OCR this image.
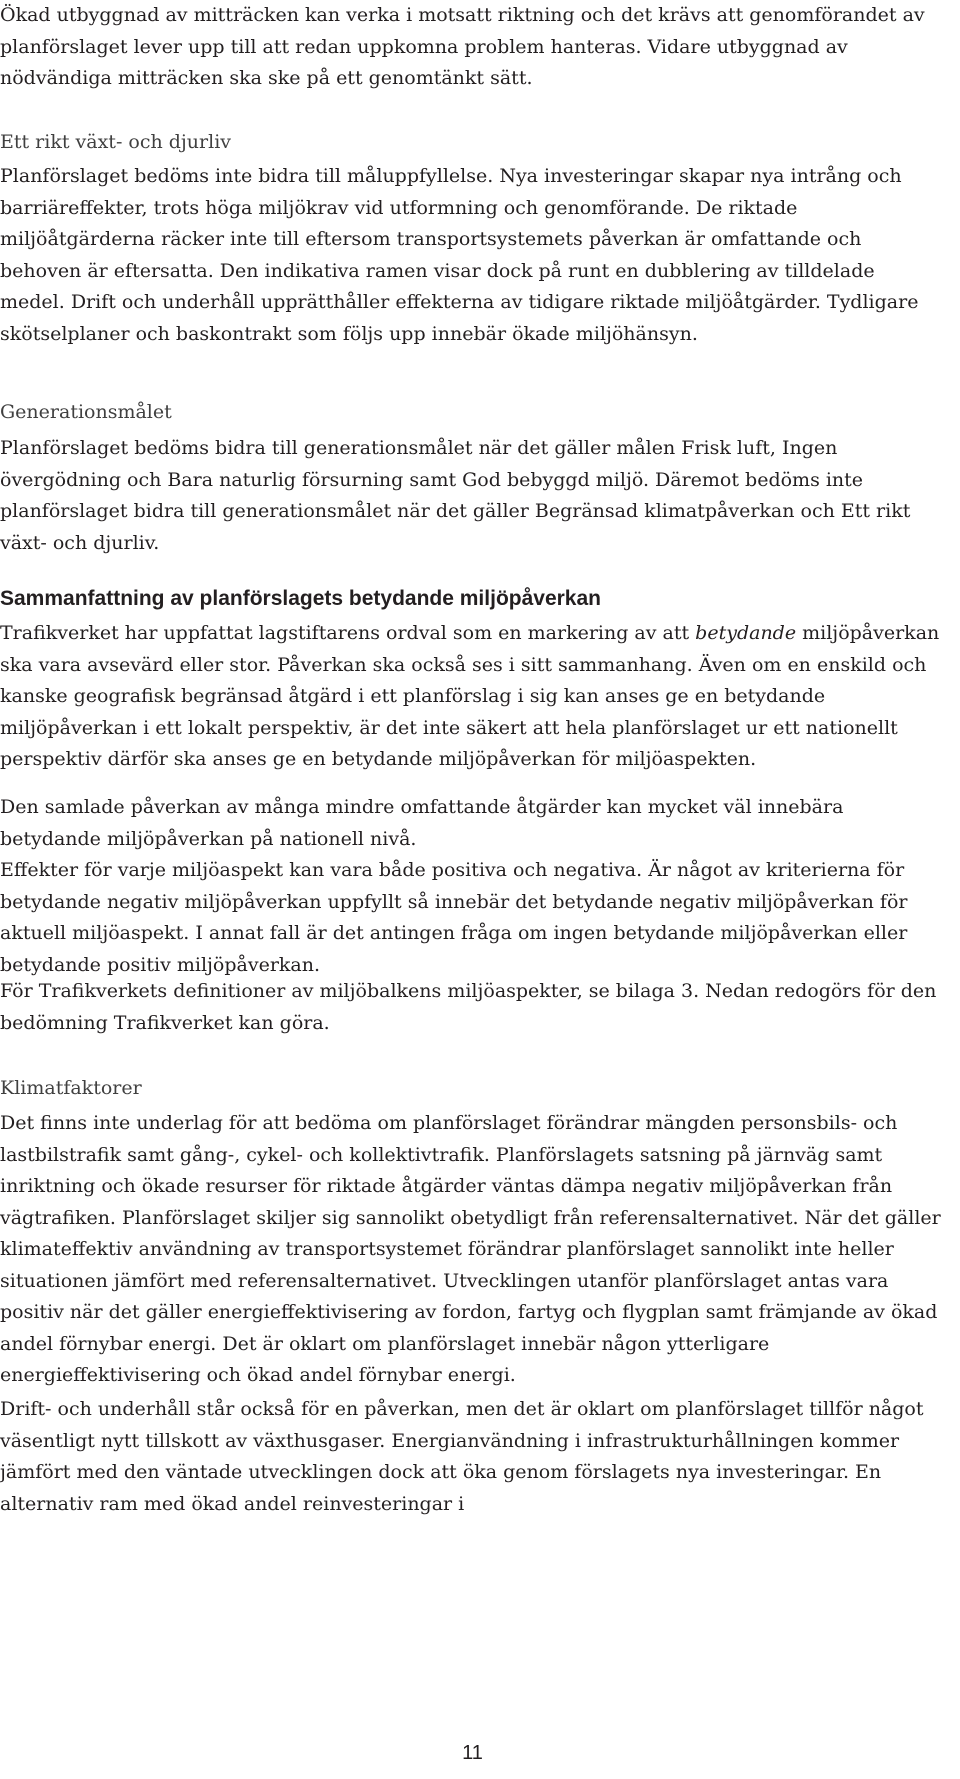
Ökad utbyggnad av mitträcken kan verka i motsatt riktning och det krävs att genomförandet av planförslaget lever upp till att redan uppkomna problem hanteras. Vidare utbyggnad av nödvändiga mitträcken ska ske på ett genomtänkt sätt.

Ett rikt växt- och djurliv

Planförslaget bedöms inte bidra till måluppfyllelse. Nya investeringar skapar nya intrång och barriäreffekter, trots höga miljökrav vid utformning och genomförande. De riktade miljöåtgärderna räcker inte till eftersom transportsystemets påverkan är omfattande och behoven är eftersatta. Den indikativa ramen visar dock på runt en dubblering av tilldelade medel. Drift och underhåll upprätthåller effekterna av tidigare riktade miljöåtgärder. Tydligare skötselplaner och baskontrakt som följs upp innebär ökade miljöhänsyn.

Generationsmålet

Planförslaget bedöms bidra till generationsmålet när det gäller målen Frisk luft, Ingen övergödning och Bara naturlig försurning samt God bebyggd miljö. Däremot bedöms inte planförslaget bidra till generationsmålet när det gäller Begränsad klimatpåverkan och Ett rikt växt- och djurliv.

Sammanfattning av planförslagets betydande miljöpåverkan

Trafikverket har uppfattat lagstiftarens ordval som en markering av att betydande miljöpåverkan ska vara avsevärd eller stor. Påverkan ska också ses i sitt sammanhang. Även om en enskild och kanske geografisk begränsad åtgärd i ett planförslag i sig kan anses ge en betydande miljöpåverkan i ett lokalt perspektiv, är det inte säkert att hela planförslaget ur ett nationellt perspektiv därför ska anses ge en betydande miljöpåverkan för miljöaspekten.

Den samlade påverkan av många mindre omfattande åtgärder kan mycket väl innebära betydande miljöpåverkan på nationell nivå.

Effekter för varje miljöaspekt kan vara både positiva och negativa. Är något av kriterierna för betydande negativ miljöpåverkan uppfyllt så innebär det betydande negativ miljöpåverkan för aktuell miljöaspekt. I annat fall är det antingen fråga om ingen betydande miljöpåverkan eller betydande positiv miljöpåverkan.

För Trafikverkets definitioner av miljöbalkens miljöaspekter, se bilaga 3. Nedan redogörs för den bedömning Trafikverket kan göra.

Klimatfaktorer

Det finns inte underlag för att bedöma om planförslaget förändrar mängden personsbils- och lastbilstrafik samt gång-, cykel- och kollektivtrafik. Planförslagets satsning på järnväg samt inriktning och ökade resurser för riktade åtgärder väntas dämpa negativ miljöpåverkan från vägtrafiken. Planförslaget skiljer sig sannolikt obetydligt från referensalternativet. När det gäller klimateffektiv användning av transportsystemet förändrar planförslaget sannolikt inte heller situationen jämfört med referensalternativet. Utvecklingen utanför planförslaget antas vara positiv när det gäller energieffektivisering av fordon, fartyg och flygplan samt främjande av ökad andel förnybar energi. Det är oklart om planförslaget innebär någon ytterligare energieffektivisering och ökad andel förnybar energi.

Drift- och underhåll står också för en påverkan, men det är oklart om planförslaget tillför något väsentligt nytt tillskott av växthusgaser. Energianvändning i infrastrukturhållningen kommer jämfört med den väntade utvecklingen dock att öka genom förslagets nya investeringar. En alternativ ram med ökad andel reinvesteringar i

11
